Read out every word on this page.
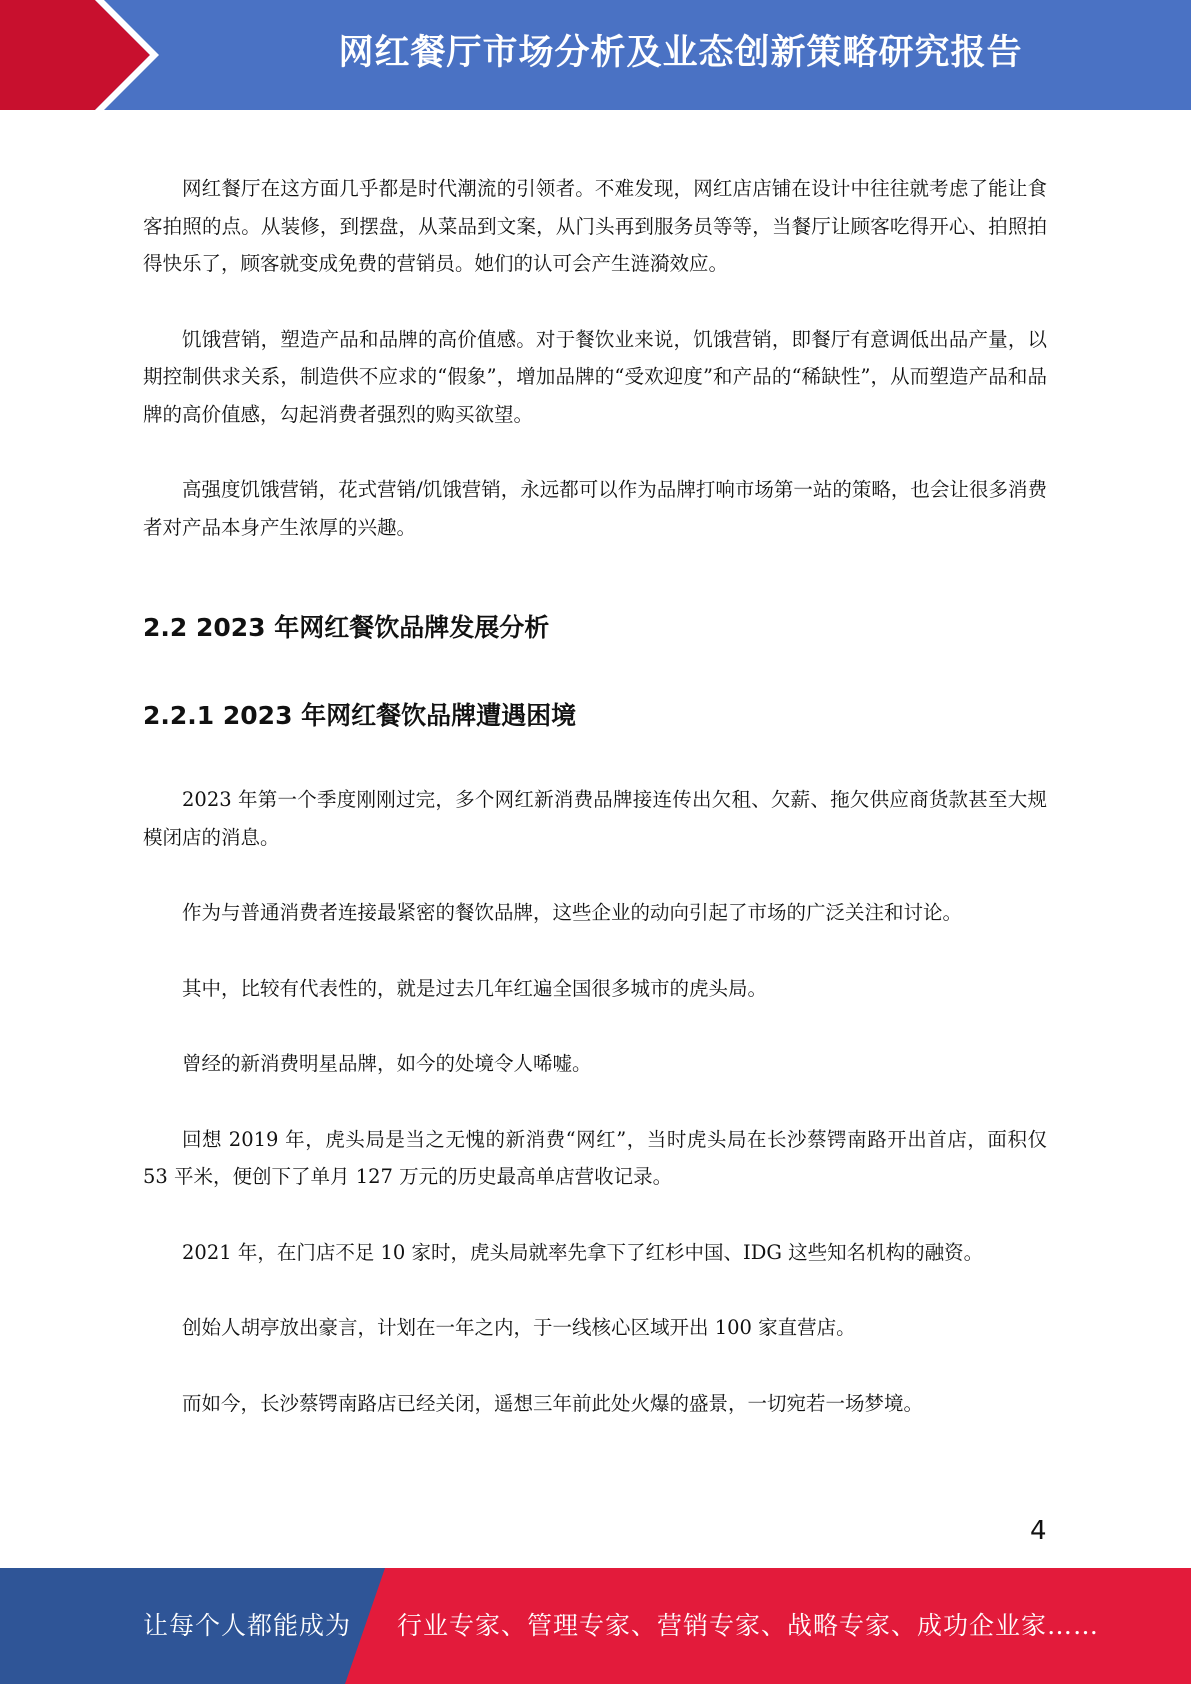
网红餐厅市场分析及业态创新策略研究报告

网红餐厅在这方面几乎都是时代潮流的引领者。不难发现，网红店店铺在设计中往往就考虑了能让食客拍照的点。从装修，到摆盘，从菜品到文案，从门头再到服务员等等，当餐厅让顾客吃得开心、拍照拍得快乐了，顾客就变成免费的营销员。她们的认可会产生涟漪效应。

饥饿营销，塑造产品和品牌的高价值感。对于餐饮业来说，饥饿营销，即餐厅有意调低出品产量，以期控制供求关系，制造供不应求的“假象”，增加品牌的“受欢迎度”和产品的“稀缺性”，从而塑造产品和品牌的高价值感，勾起消费者强烈的购买欲望。

高强度饥饿营销，花式营销/饥饿营销，永远都可以作为品牌打响市场第一站的策略，也会让很多消费者对产品本身产生浓厚的兴趣。

2.2 2023 年网红餐饮品牌发展分析
2.2.1 2023 年网红餐饮品牌遭遇困境

2023 年第一个季度刚刚过完，多个网红新消费品牌接连传出欠租、欠薪、拖欠供应商货款甚至大规模闭店的消息。

作为与普通消费者连接最紧密的餐饮品牌，这些企业的动向引起了市场的广泛关注和讨论。

其中，比较有代表性的，就是过去几年红遍全国很多城市的虎头局。

曾经的新消费明星品牌，如今的处境令人唏嘘。

回想 2019 年，虎头局是当之无愧的新消费“网红”，当时虎头局在长沙蔡锷南路开出首店，面积仅 53 平米，便创下了单月 127 万元的历史最高单店营收记录。

2021 年，在门店不足 10 家时，虎头局就率先拿下了红杉中国、IDG 这些知名机构的融资。

创始人胡亭放出豪言，计划在一年之内，于一线核心区域开出 100 家直营店。

而如今，长沙蔡锷南路店已经关闭，遥想三年前此处火爆的盛景，一切宛若一场梦境。

4
让每个人都能成为 行业专家、管理专家、营销专家、战略专家、成功企业家……
